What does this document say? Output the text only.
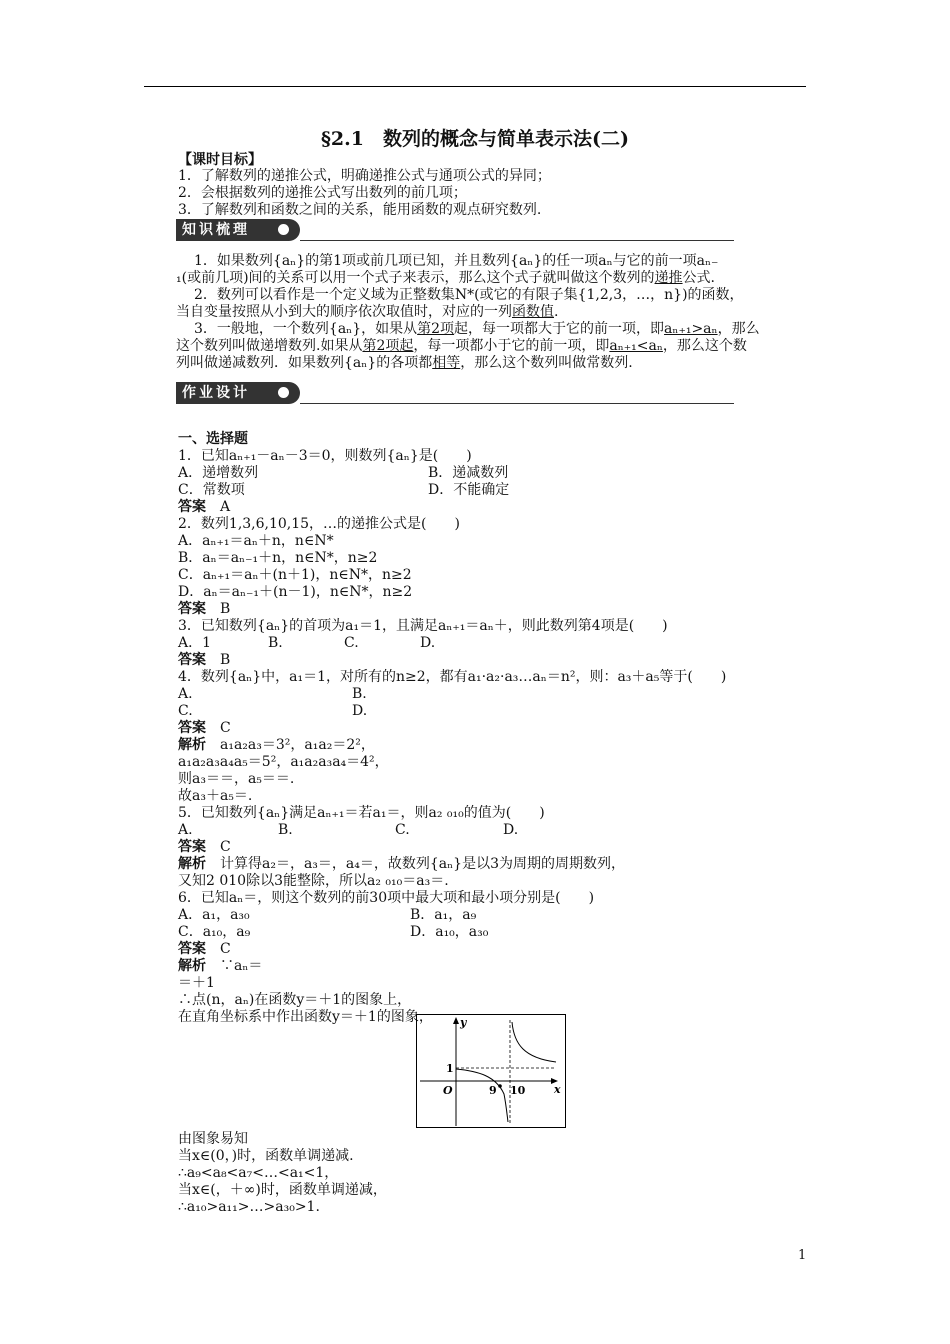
§2.1　数列的概念与简单表示法(二)
【课时目标】
1．了解数列的递推公式，明确递推公式与通项公式的异同；
2．会根据数列的递推公式写出数列的前几项；
3．了解数列和函数之间的关系，能用函数的观点研究数列.
知识梳理
1．如果数列{aₙ}的第1项或前几项已知，并且数列{aₙ}的任一项aₙ与它的前一项aₙ₋
₁(或前几项)间的关系可以用一个式子来表示，那么这个式子就叫做这个数列的递推公式.
2．数列可以看作是一个定义域为正整数集N*(或它的有限子集{1,2,3，…，n})的函数，
当自变量按照从小到大的顺序依次取值时，对应的一列函数值.
3．一般地，一个数列{aₙ}，如果从第2项起，每一项都大于它的前一项，即aₙ₊₁>aₙ，那么
这个数列叫做递增数列.如果从第2项起，每一项都小于它的前一项，即aₙ₊₁<aₙ，那么这个数
列叫做递减数列．如果数列{aₙ}的各项都相等，那么这个数列叫做常数列.
作业设计
一、选择题
1．已知aₙ₊₁－aₙ－3＝0，则数列{aₙ}是(　　)
A．递增数列	B．递减数列
C．常数项	D．不能确定
答案　A
2．数列1,3,6,10,15，…的递推公式是(　　)
A．aₙ₊₁＝aₙ＋n，n∈N*
B．aₙ＝aₙ₋₁＋n，n∈N*，n≥2
C．aₙ₊₁＝aₙ＋(n＋1)，n∈N*，n≥2
D．aₙ＝aₙ₋₁＋(n－1)，n∈N*，n≥2
答案　B
3．已知数列{aₙ}的首项为a₁＝1，且满足aₙ₊₁＝aₙ＋，则此数列第4项是(　　)
A．1	B.	C.	D.
答案　B
4．数列{aₙ}中，a₁＝1，对所有的n≥2，都有a₁·a₂·a₃…aₙ＝n²，则：a₃＋a₅等于(　　)
A.	B.
C.	D.
答案　C
解析　a₁a₂a₃＝3²，a₁a₂＝2²，
a₁a₂a₃a₄a₅＝5²，a₁a₂a₃a₄＝4²，
则a₃＝＝，a₅＝＝.
故a₃＋a₅＝.
5．已知数列{aₙ}满足aₙ₊₁＝若a₁＝，则a₂ ₀₁₀的值为(　　)
A.	B.	C.	D.
答案　C
解析　计算得a₂＝，a₃＝，a₄＝，故数列{aₙ}是以3为周期的周期数列，
又知2 010除以3能整除，所以a₂ ₀₁₀＝a₃＝.
6．已知aₙ＝，则这个数列的前30项中最大项和最小项分别是(　　)
A．a₁，a₃₀	B．a₁，a₉
C．a₁₀，a₉	D．a₁₀，a₃₀
答案　C
解析　∵aₙ＝
＝＋1
∴点(n，aₙ)在函数y＝＋1的图象上，
在直角坐标系中作出函数y＝＋1的图象， y
x
O
1
9 10
由图象易知
当x∈(0，)时，函数单调递减.
∴a₉<a₈<a₇<…<a₁<1，
当x∈(，＋∞)时，函数单调递减，
∴a₁₀>a₁₁>…>a₃₀>1.
1
